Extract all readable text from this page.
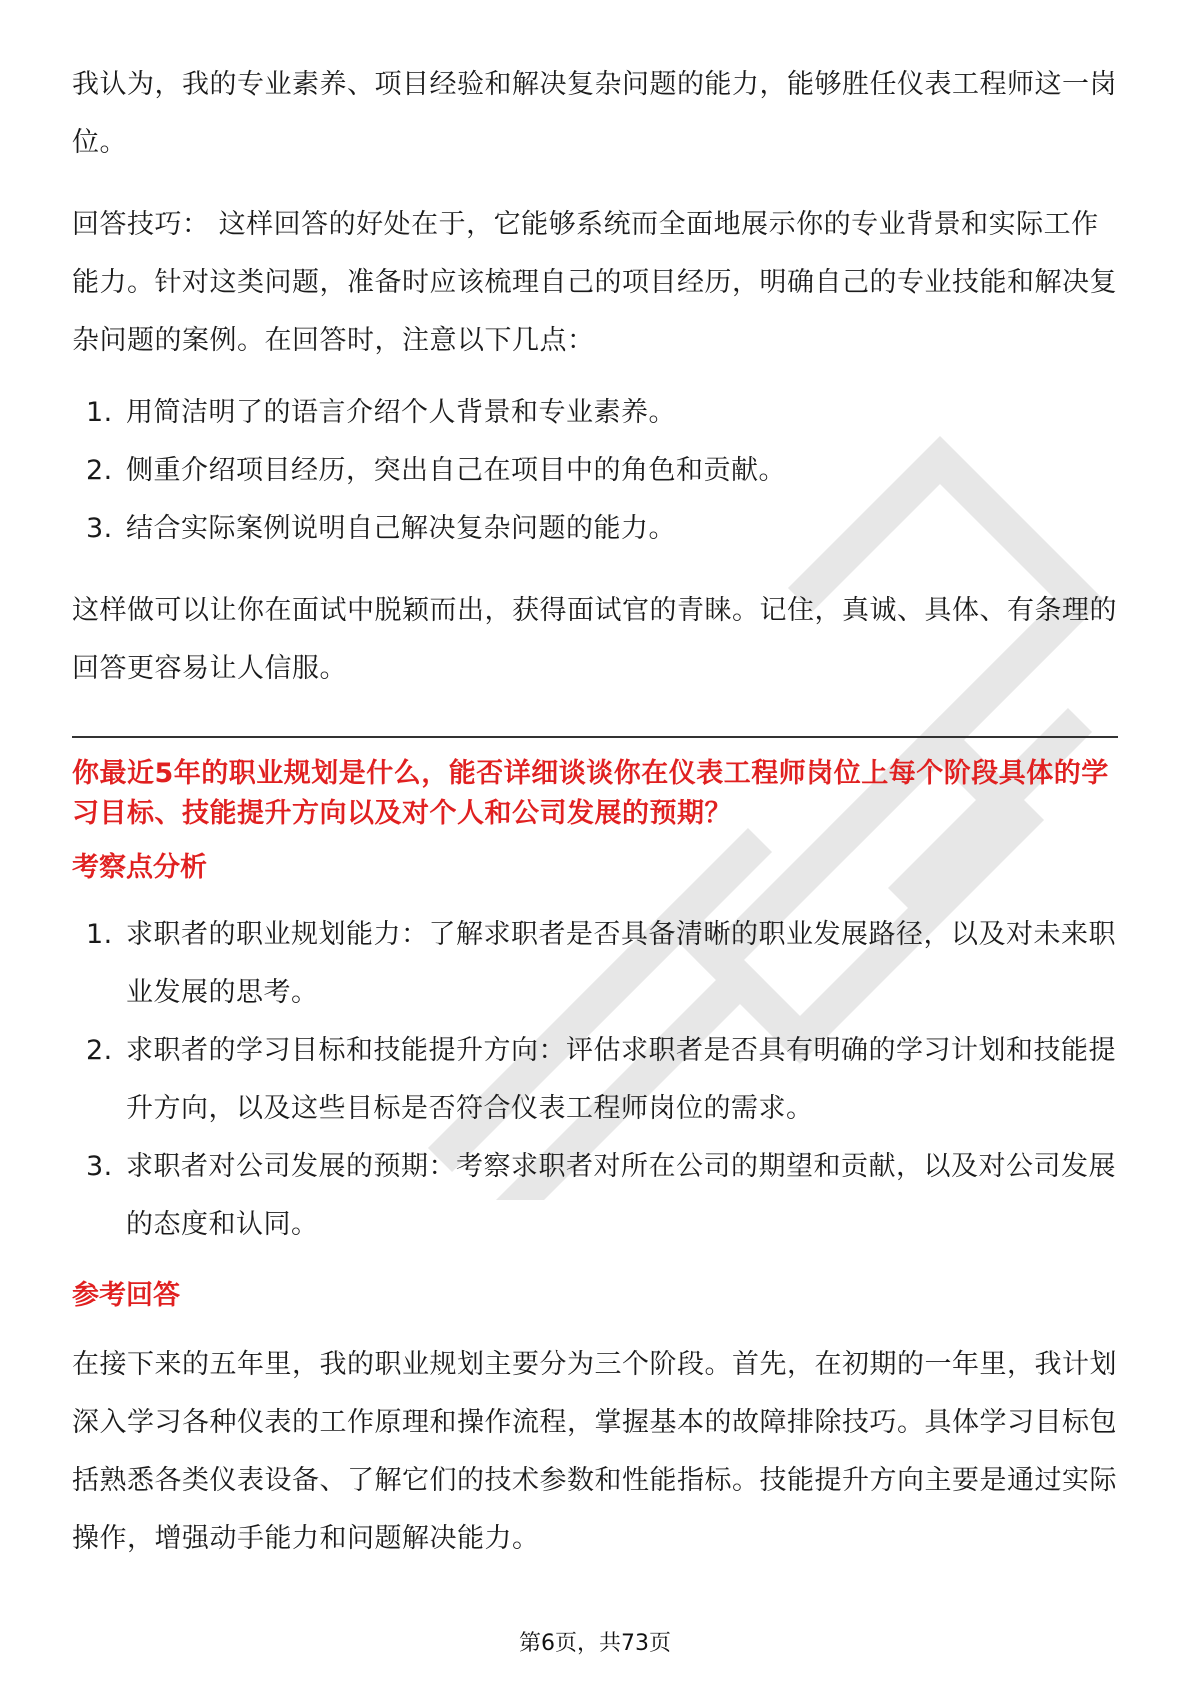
我认为，我的专业素养、项目经验和解决复杂问题的能力，能够胜任仪表工程师这一岗位。

回答技巧： 这样回答的好处在于，它能够系统而全面地展示你的专业背景和实际工作能力。针对这类问题，准备时应该梳理自己的项目经历，明确自己的专业技能和解决复杂问题的案例。在回答时，注意以下几点：

1. 用简洁明了的语言介绍个人背景和专业素养。
2. 侧重介绍项目经历，突出自己在项目中的角色和贡献。
3. 结合实际案例说明自己解决复杂问题的能力。

这样做可以让你在面试中脱颖而出，获得面试官的青睐。记住，真诚、具体、有条理的回答更容易让人信服。

你最近5年的职业规划是什么，能否详细谈谈你在仪表工程师岗位上每个阶段具体的学习目标、技能提升方向以及对个人和公司发展的预期？

考察点分析

1. 求职者的职业规划能力：了解求职者是否具备清晰的职业发展路径，以及对未来职业发展的思考。
2. 求职者的学习目标和技能提升方向：评估求职者是否具有明确的学习计划和技能提升方向，以及这些目标是否符合仪表工程师岗位的需求。
3. 求职者对公司发展的预期：考察求职者对所在公司的期望和贡献，以及对公司发展的态度和认同。

参考回答

在接下来的五年里，我的职业规划主要分为三个阶段。首先，在初期的一年里，我计划深入学习各种仪表的工作原理和操作流程，掌握基本的故障排除技巧。具体学习目标包括熟悉各类仪表设备、了解它们的技术参数和性能指标。技能提升方向主要是通过实际操作，增强动手能力和问题解决能力。

第6页，共73页
